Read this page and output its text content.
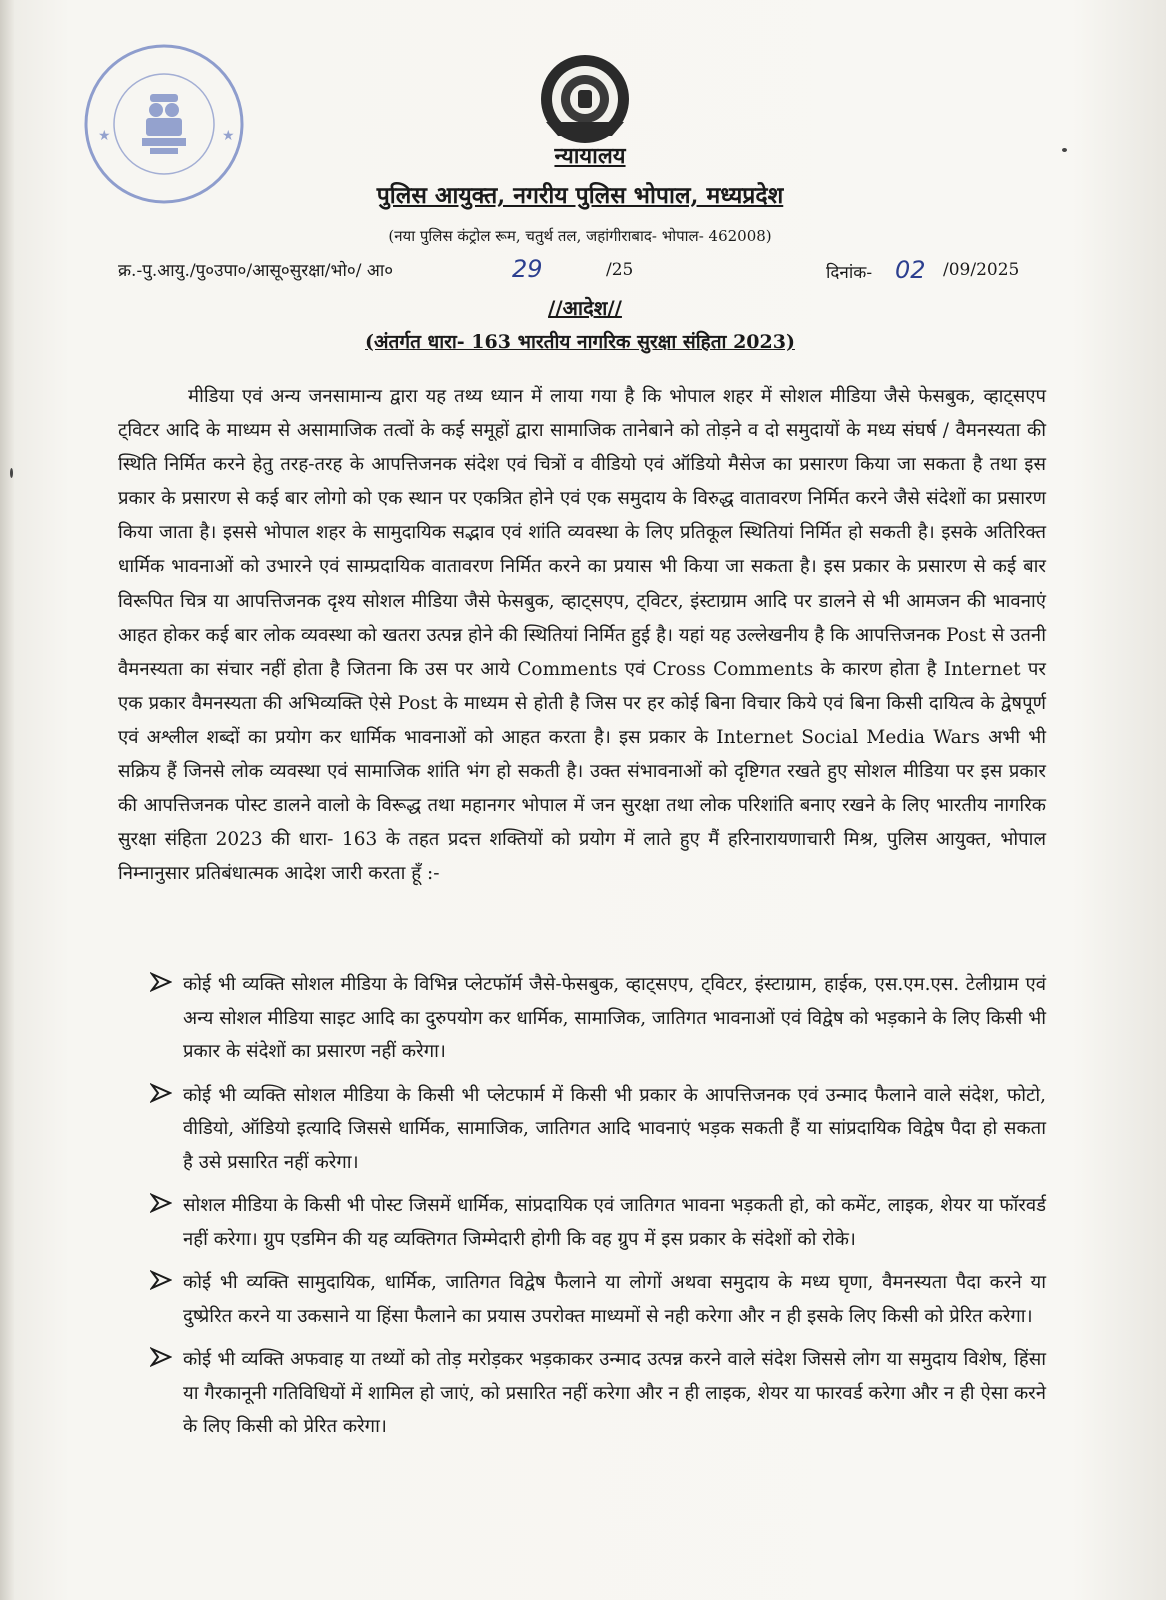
★	★
न्यायालय
पुलिस आयुक्त, नगरीय पुलिस भोपाल, मध्यप्रदेश
(नया पुलिस कंट्रोल रूम, चतुर्थ तल, जहांगीराबाद- भोपाल- 462008)
क्र.-पु.आयु./पु०उपा०/आसू०सुरक्षा/भो०/ आ०	29	/25	दिनांक- 02 /09/2025
//आदेश//
(अंतर्गत धारा- 163 भारतीय नागरिक सुरक्षा संहिता 2023)

मीडिया एवं अन्य जनसामान्य द्वारा यह तथ्य ध्यान में लाया गया है कि भोपाल शहर में सोशल मीडिया जैसे फेसबुक, व्हाट्सएप ट्विटर आदि के माध्यम से असामाजिक तत्वों के कई समूहों द्वारा सामाजिक तानेबाने को तोड़ने व दो समुदायों के मध्य संघर्ष / वैमनस्यता की स्थिति निर्मित करने हेतु तरह-तरह के आपत्तिजनक संदेश एवं चित्रों व वीडियो एवं ऑडियो मैसेज का प्रसारण किया जा सकता है तथा इस प्रकार के प्रसारण से कई बार लोगो को एक स्थान पर एकत्रित होने एवं एक समुदाय के विरुद्ध वातावरण निर्मित करने जैसे संदेशों का प्रसारण किया जाता है। इससे भोपाल शहर के सामुदायिक सद्भाव एवं शांति व्यवस्था के लिए प्रतिकूल स्थितियां निर्मित हो सकती है। इसके अतिरिक्त धार्मिक भावनाओं को उभारने एवं साम्प्रदायिक वातावरण निर्मित करने का प्रयास भी किया जा सकता है। इस प्रकार के प्रसारण से कई बार विरूपित चित्र या आपत्तिजनक दृश्य सोशल मीडिया जैसे फेसबुक, व्हाट्सएप, ट्विटर, इंस्टाग्राम आदि पर डालने से भी आमजन की भावनाएं आहत होकर कई बार लोक व्यवस्था को खतरा उत्पन्न होने की स्थितियां निर्मित हुई है। यहां यह उल्लेखनीय है कि आपत्तिजनक Post से उतनी वैमनस्यता का संचार नहीं होता है जितना कि उस पर आये Comments एवं Cross Comments के कारण होता है Internet पर एक प्रकार वैमनस्यता की अभिव्यक्ति ऐसे Post के माध्यम से होती है जिस पर हर कोई बिना विचार किये एवं बिना किसी दायित्व के द्वेषपूर्ण एवं अश्लील शब्दों का प्रयोग कर धार्मिक भावनाओं को आहत करता है। इस प्रकार के Internet Social Media Wars अभी भी सक्रिय हैं जिनसे लोक व्यवस्था एवं सामाजिक शांति भंग हो सकती है। उक्त संभावनाओं को दृष्टिगत रखते हुए सोशल मीडिया पर इस प्रकार की आपत्तिजनक पोस्ट डालने वालो के विरूद्ध तथा महानगर भोपाल में जन सुरक्षा तथा लोक परिशांति बनाए रखने के लिए भारतीय नागरिक सुरक्षा संहिता 2023 की धारा- 163 के तहत प्रदत्त शक्तियों को प्रयोग में लाते हुए मैं हरिनारायणाचारी मिश्र, पुलिस आयुक्त, भोपाल निम्नानुसार प्रतिबंधात्मक आदेश जारी करता हूँ :-

कोई भी व्यक्ति सोशल मीडिया के विभिन्न प्लेटफॉर्म जैसे-फेसबुक, व्हाट्सएप, ट्विटर, इंस्टाग्राम, हाईक, एस.एम.एस. टेलीग्राम एवं अन्य सोशल मीडिया साइट आदि का दुरुपयोग कर धार्मिक, सामाजिक, जातिगत भावनाओं एवं विद्वेष को भड़काने के लिए किसी भी प्रकार के संदेशों का प्रसारण नहीं करेगा।
कोई भी व्यक्ति सोशल मीडिया के किसी भी प्लेटफार्म में किसी भी प्रकार के आपत्तिजनक एवं उन्माद फैलाने वाले संदेश, फोटो, वीडियो, ऑडियो इत्यादि जिससे धार्मिक, सामाजिक, जातिगत आदि भावनाएं भड़क सकती हैं या सांप्रदायिक विद्वेष पैदा हो सकता है उसे प्रसारित नहीं करेगा।
सोशल मीडिया के किसी भी पोस्ट जिसमें धार्मिक, सांप्रदायिक एवं जातिगत भावना भड़कती हो, को कमेंट, लाइक, शेयर या फॉरवर्ड नहीं करेगा। ग्रुप एडमिन की यह व्यक्तिगत जिम्मेदारी होगी कि वह ग्रुप में इस प्रकार के संदेशों को रोके।
कोई भी व्यक्ति सामुदायिक, धार्मिक, जातिगत विद्वेष फैलाने या लोगों अथवा समुदाय के मध्य घृणा, वैमनस्यता पैदा करने या दुष्प्रेरित करने या उकसाने या हिंसा फैलाने का प्रयास उपरोक्त माध्यमों से नही करेगा और न ही इसके लिए किसी को प्रेरित करेगा।
कोई भी व्यक्ति अफवाह या तथ्यों को तोड़ मरोड़कर भड़काकर उन्माद उत्पन्न करने वाले संदेश जिससे लोग या समुदाय विशेष, हिंसा या गैरकानूनी गतिविधियों में शामिल हो जाएं, को प्रसारित नहीं करेगा और न ही लाइक, शेयर या फारवर्ड करेगा और न ही ऐसा करने के लिए किसी को प्रेरित करेगा।
